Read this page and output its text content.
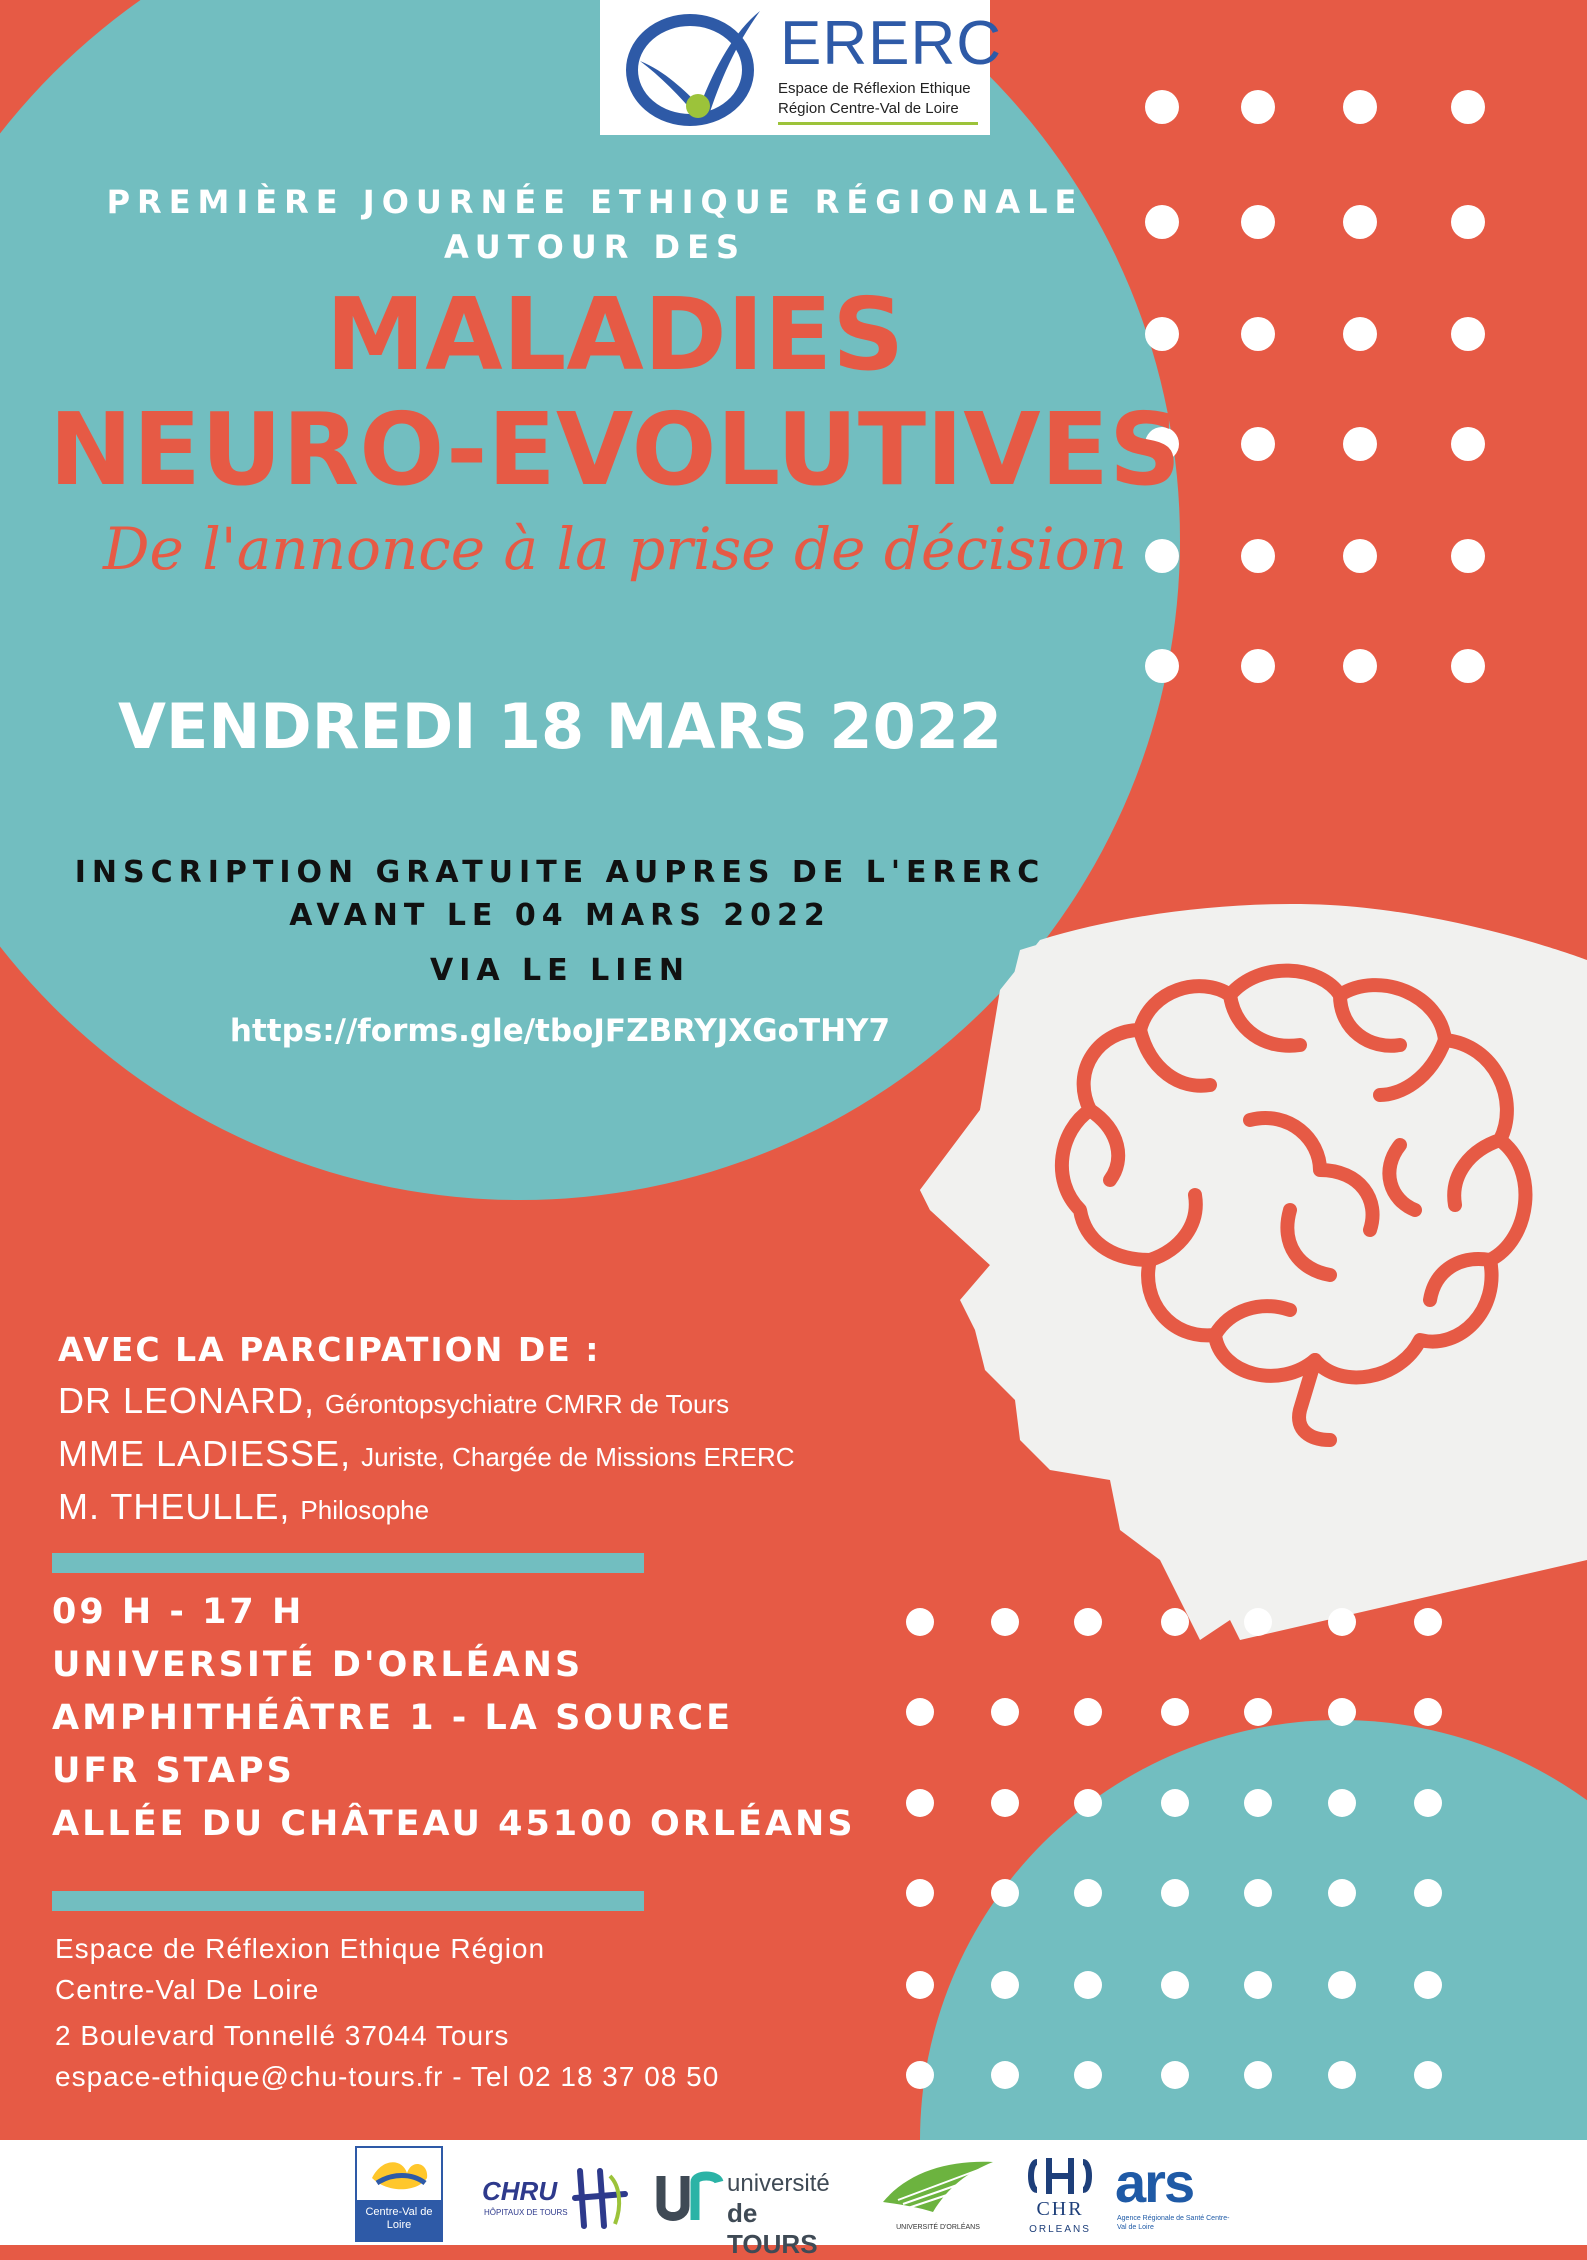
ERERC
Espace de Réflexion Ethique
Région Centre-Val de Loire
PREMIÈRE JOURNÉE ETHIQUE RÉGIONALE
AUTOUR DES
MALADIES
NEURO-EVOLUTIVES
De l'annonce à la prise de décision
VENDREDI 18 MARS 2022
INSCRIPTION GRATUITE AUPRES DE L'ERERC
AVANT LE 04 MARS 2022
VIA LE LIEN
https://forms.gle/tboJFZBRYJXGoTHY7
AVEC LA PARCIPATION DE :
DR LEONARD, Gérontopsychiatre CMRR de Tours
MME LADIESSE, Juriste, Chargée de Missions ERERC
M. THEULLE, Philosophe
09 H - 17 H
UNIVERSITÉ D'ORLÉANS
AMPHITHÉÂTRE 1 - LA SOURCE
UFR STAPS
ALLÉE DU CHÂTEAU 45100 ORLÉANS
Espace de Réflexion Ethique Région
Centre-Val De Loire
2 Boulevard Tonnellé 37044 Tours
espace-ethique@chu-tours.fr - Tel 02 18 37 08 50
Centre-Val de Loire
CHRU
HÔPITAUX DE TOURS
université
de TOURS
UNIVERSITÉ D'ORLÉANS
CHR
ORLEANS
ars
Agence Régionale de Santé Centre-Val de Loire
